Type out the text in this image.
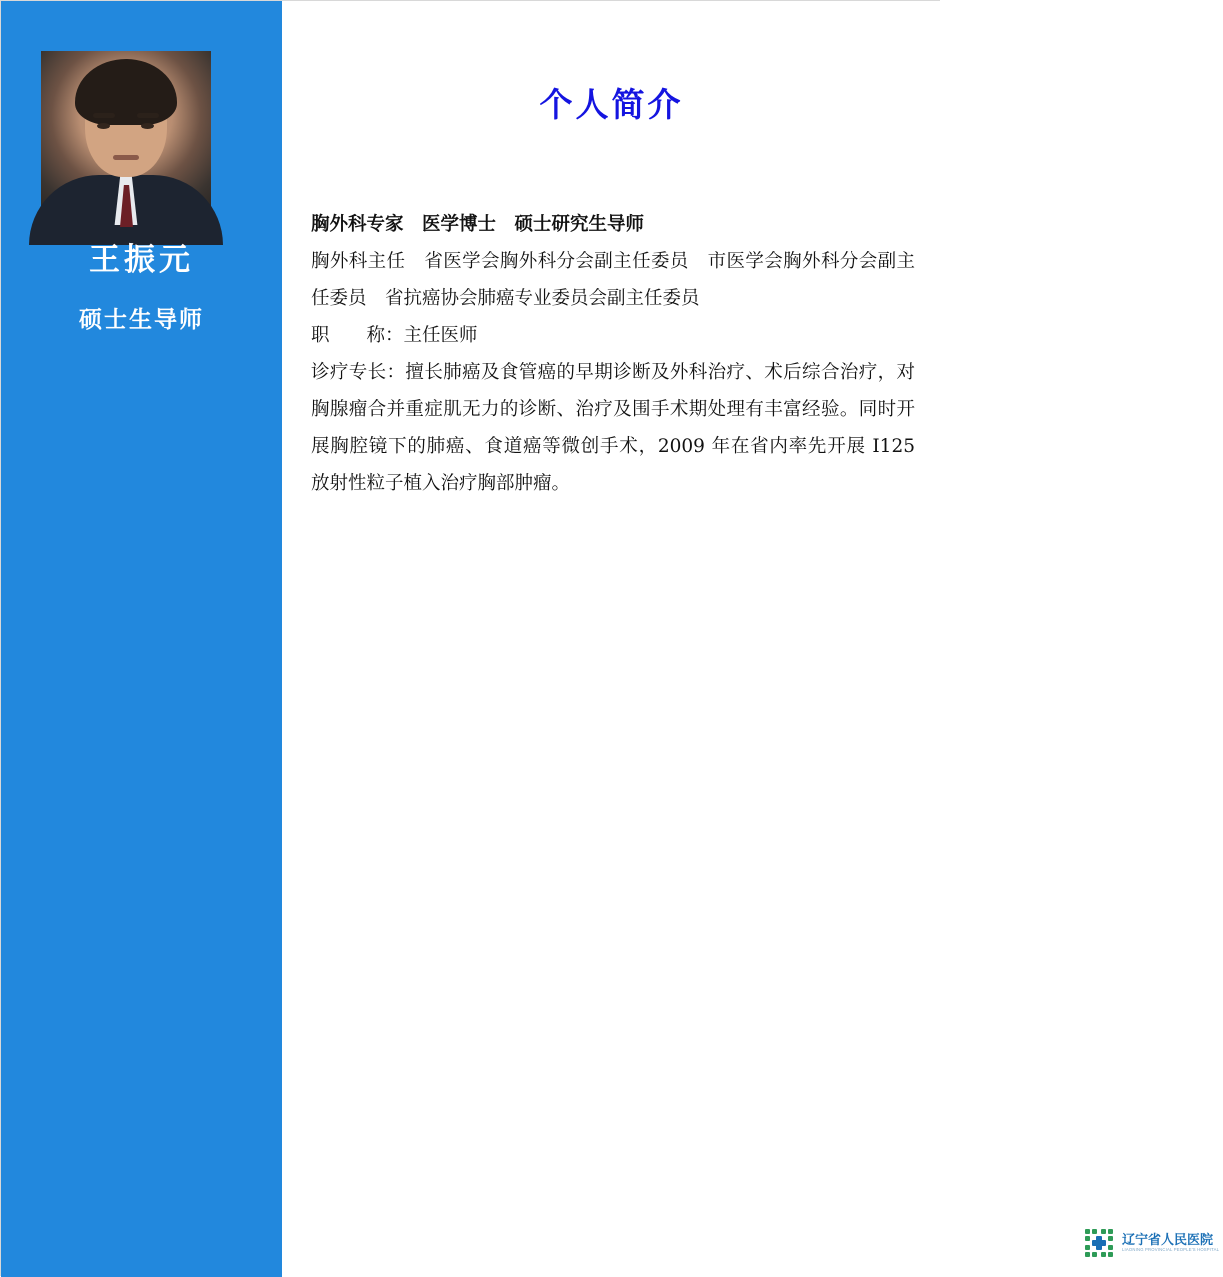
王振元
硕士生导师
个人简介

胸外科专家　医学博士　硕士研究生导师

胸外科主任　省医学会胸外科分会副主任委员　市医学会胸外科分会副主任委员　省抗癌协会肺癌专业委员会副主任委员

职　　称：主任医师

诊疗专长：擅长肺癌及食管癌的早期诊断及外科治疗、术后综合治疗，对胸腺瘤合并重症肌无力的诊断、治疗及围手术期处理有丰富经验。同时开展胸腔镜下的肺癌、食道癌等微创手术，2009 年在省内率先开展 I125 放射性粒子植入治疗胸部肿瘤。

辽宁省人民医院
LIAONING PROVINCIAL PEOPLE'S HOSPITAL
